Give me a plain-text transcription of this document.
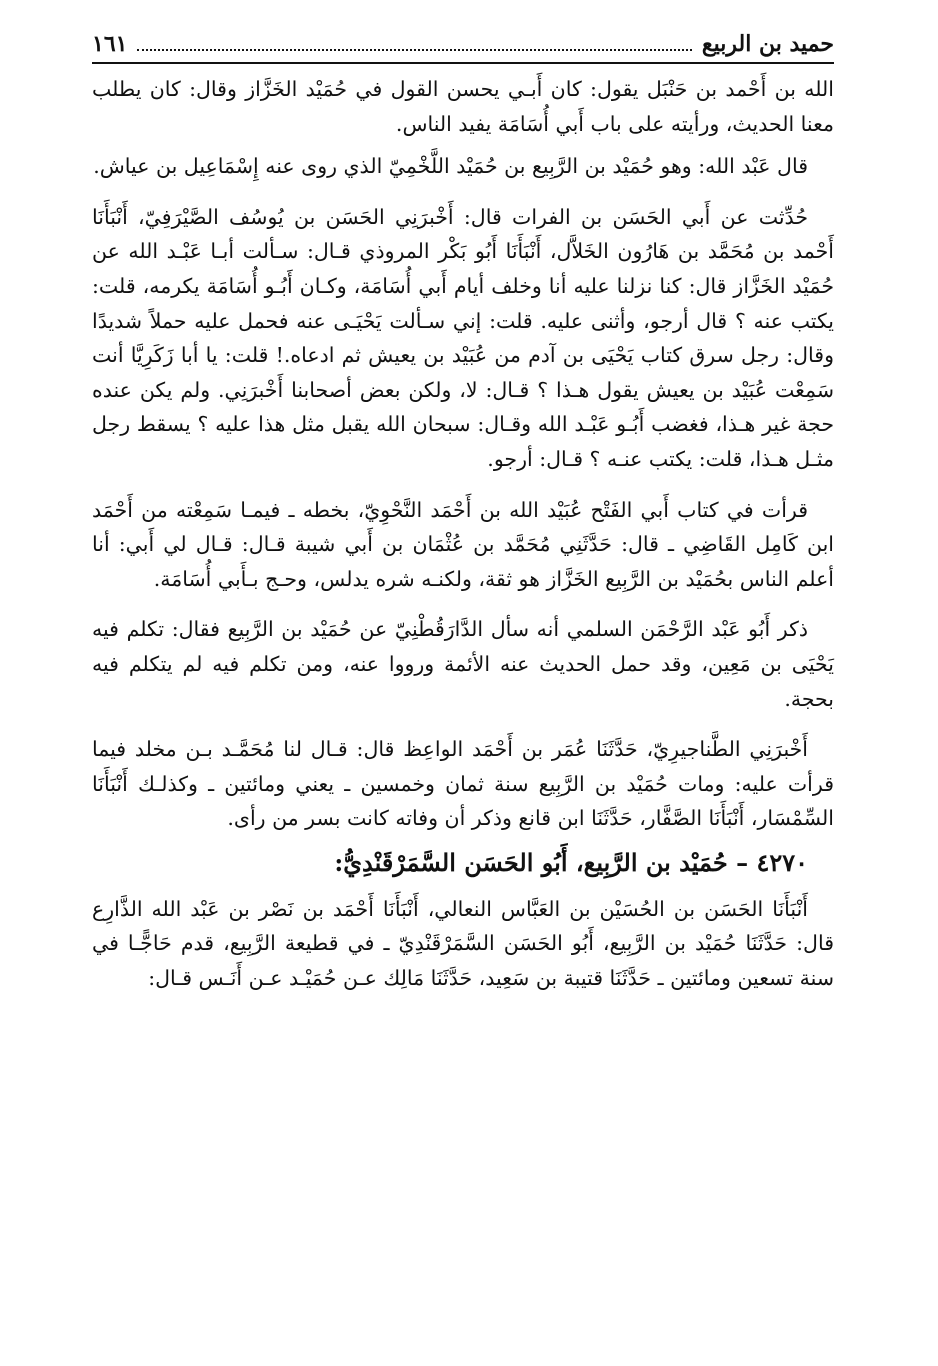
حميد بن الربيع
١٦١

الله بن أَحْمد بن حَنْبَل يقول: كان أَبـي يحسن القول في حُمَيْد الخَزَّاز وقال: كان يطلب معنا الحديث، ورأيته على باب أَبي أُسَامَة يفيد الناس.

قال عَبْد الله: وهو حُمَيْد بن الرَّبِيع بن حُمَيْد اللَّخْمِيّ الذي روى عنه إِسْمَاعِيل بن عياش.

حُدِّثت عن أَبي الحَسَن بن الفرات قال: أَخْبرَنِي الحَسَن بن يُوسُف الصَّيْرَفِيّ، أَنْبَأَنَا أَحْمد بن مُحَمَّد بن هَارُون الخَلاَّل، أَنْبَأَنَا أَبُو بَكْر المروذي قـال: سـألت أبـا عَبْـد الله عن حُمَيْد الخَزَّاز قال: كنا نزلنا عليه أنا وخلف أيام أَبي أُسَامَة، وكـان أَبُـو أُسَامَة يكرمه، قلت: يكتب عنه ؟ قال أرجو، وأثنى عليه. قلت: إني سـألت يَحْيَـى عنه فحمل عليه حملاً شديدًا وقال: رجل سرق كتاب يَحْيَى بن آدم من عُبَيْد بن يعيش ثم ادعاه.! قلت: يا أبا زَكَرِيَّا أنت سَمِعْت عُبَيْد بن يعيش يقول هـذا ؟ قـال: لا، ولكن بعض أصحابنا أَخْبرَنِي. ولم يكن عنده حجة غير هـذا، فغضب أَبُـو عَبْـد الله وقـال: سبحان الله يقبل مثل هذا عليه ؟ يسقط رجل مثـل هـذا، قلت: يكتب عنـه ؟ قـال: أرجو.

قرأت في كتاب أَبي الفَتْح عُبَيْد الله بن أَحْمَد النَّحْوِيّ، بخطه ـ فيمـا سَمِعْته من أَحْمَد ابن كَامِل القَاضِي ـ قال: حَدَّثَنِي مُحَمَّد بن عُثْمَان بن أَبي شيبة قـال: قـال لي أَبي: أنا أعلم الناس بحُمَيْد بن الرَّبِيع الخَزَّاز هو ثقة، ولكنـه شره يدلس، وحـج بـأَبي أُسَامَة.

ذكر أَبُو عَبْد الرَّحْمَن السلمي أنه سأل الدَّارَقُطْنِيّ عن حُمَيْد بن الرَّبِيع فقال: تكلم فيه يَحْيَى بن مَعِين، وقد حمل الحديث عنه الأئمة ورووا عنه، ومن تكلم فيه لم يتكلم فيه بحجة.

أَخْبرَنِي الطَّناجيرِيّ، حَدَّثَنَا عُمَر بن أَحْمَد الواعِظ قال: قـال لنا مُحَمَّـد بـن مخلد فيما قرأت عليه: ومات حُمَيْد بن الرَّبِيع سنة ثمان وخمسين ـ يعني ومائتين ـ وكذلـك أَنْبَأَنَا السِّمْسَار، أَنْبَأَنَا الصَّفَّار، حَدَّثَنَا ابن قانع وذكر أن وفاته كانت بسر من رأى.

٤٢٧٠ – حُمَيْد بن الرَّبِيع، أَبُو الحَسَن السَّمَرْقَنْدِيُّ:

أَنْبَأَنَا الحَسَن بن الحُسَيْن بن العَبَّاس النعالي، أَنْبَأَنَا أَحْمَد بن نَصْر بن عَبْد الله الذَّارِع قال: حَدَّثَنَا حُمَيْد بن الرَّبِيع، أَبُو الحَسَن السَّمَرْقَنْدِيّ ـ في قطيعة الرَّبِيع، قدم حَاجًّـا في سنة تسعين ومائتين ـ حَدَّثَنَا قتيبة بن سَعِيد، حَدَّثَنَا مَالِك عـن حُمَيْـد عـن أَنَـس قـال:
